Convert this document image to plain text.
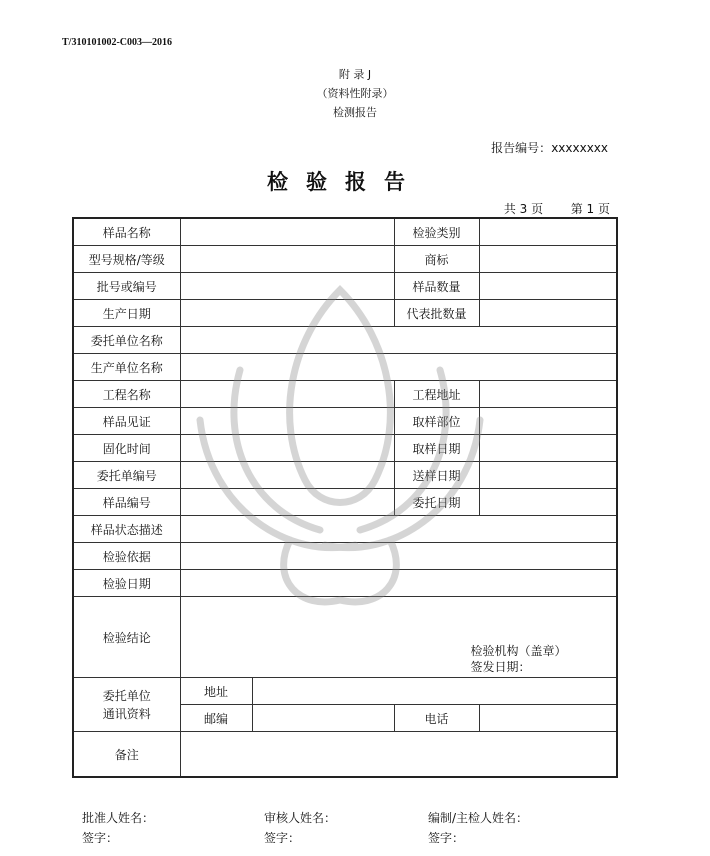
T/310101002-C003—2016
附 录 J
（资料性附录）
检测报告
报告编号：xxxxxxxx
检验报告
共 3 页 第 1 页
样品名称			检验类别	
型号规格/等级			商标	
批号或编号			样品数量	
生产日期			代表批数量	
委托单位名称				
生产单位名称				
工程名称			工程地址	
样品见证			取样部位	
固化时间			取样日期	
委托单编号			送样日期	
样品编号			委托日期	
样品状态描述				
检验依据				
检验日期				
检验结论	检验机构（盖章）
签发日期：			

委托单位
通讯资料	地址			
	邮编		电话	
备注				
批准人姓名：
签字：
审核人姓名：
签字：
编制/主检人姓名：
签字：
